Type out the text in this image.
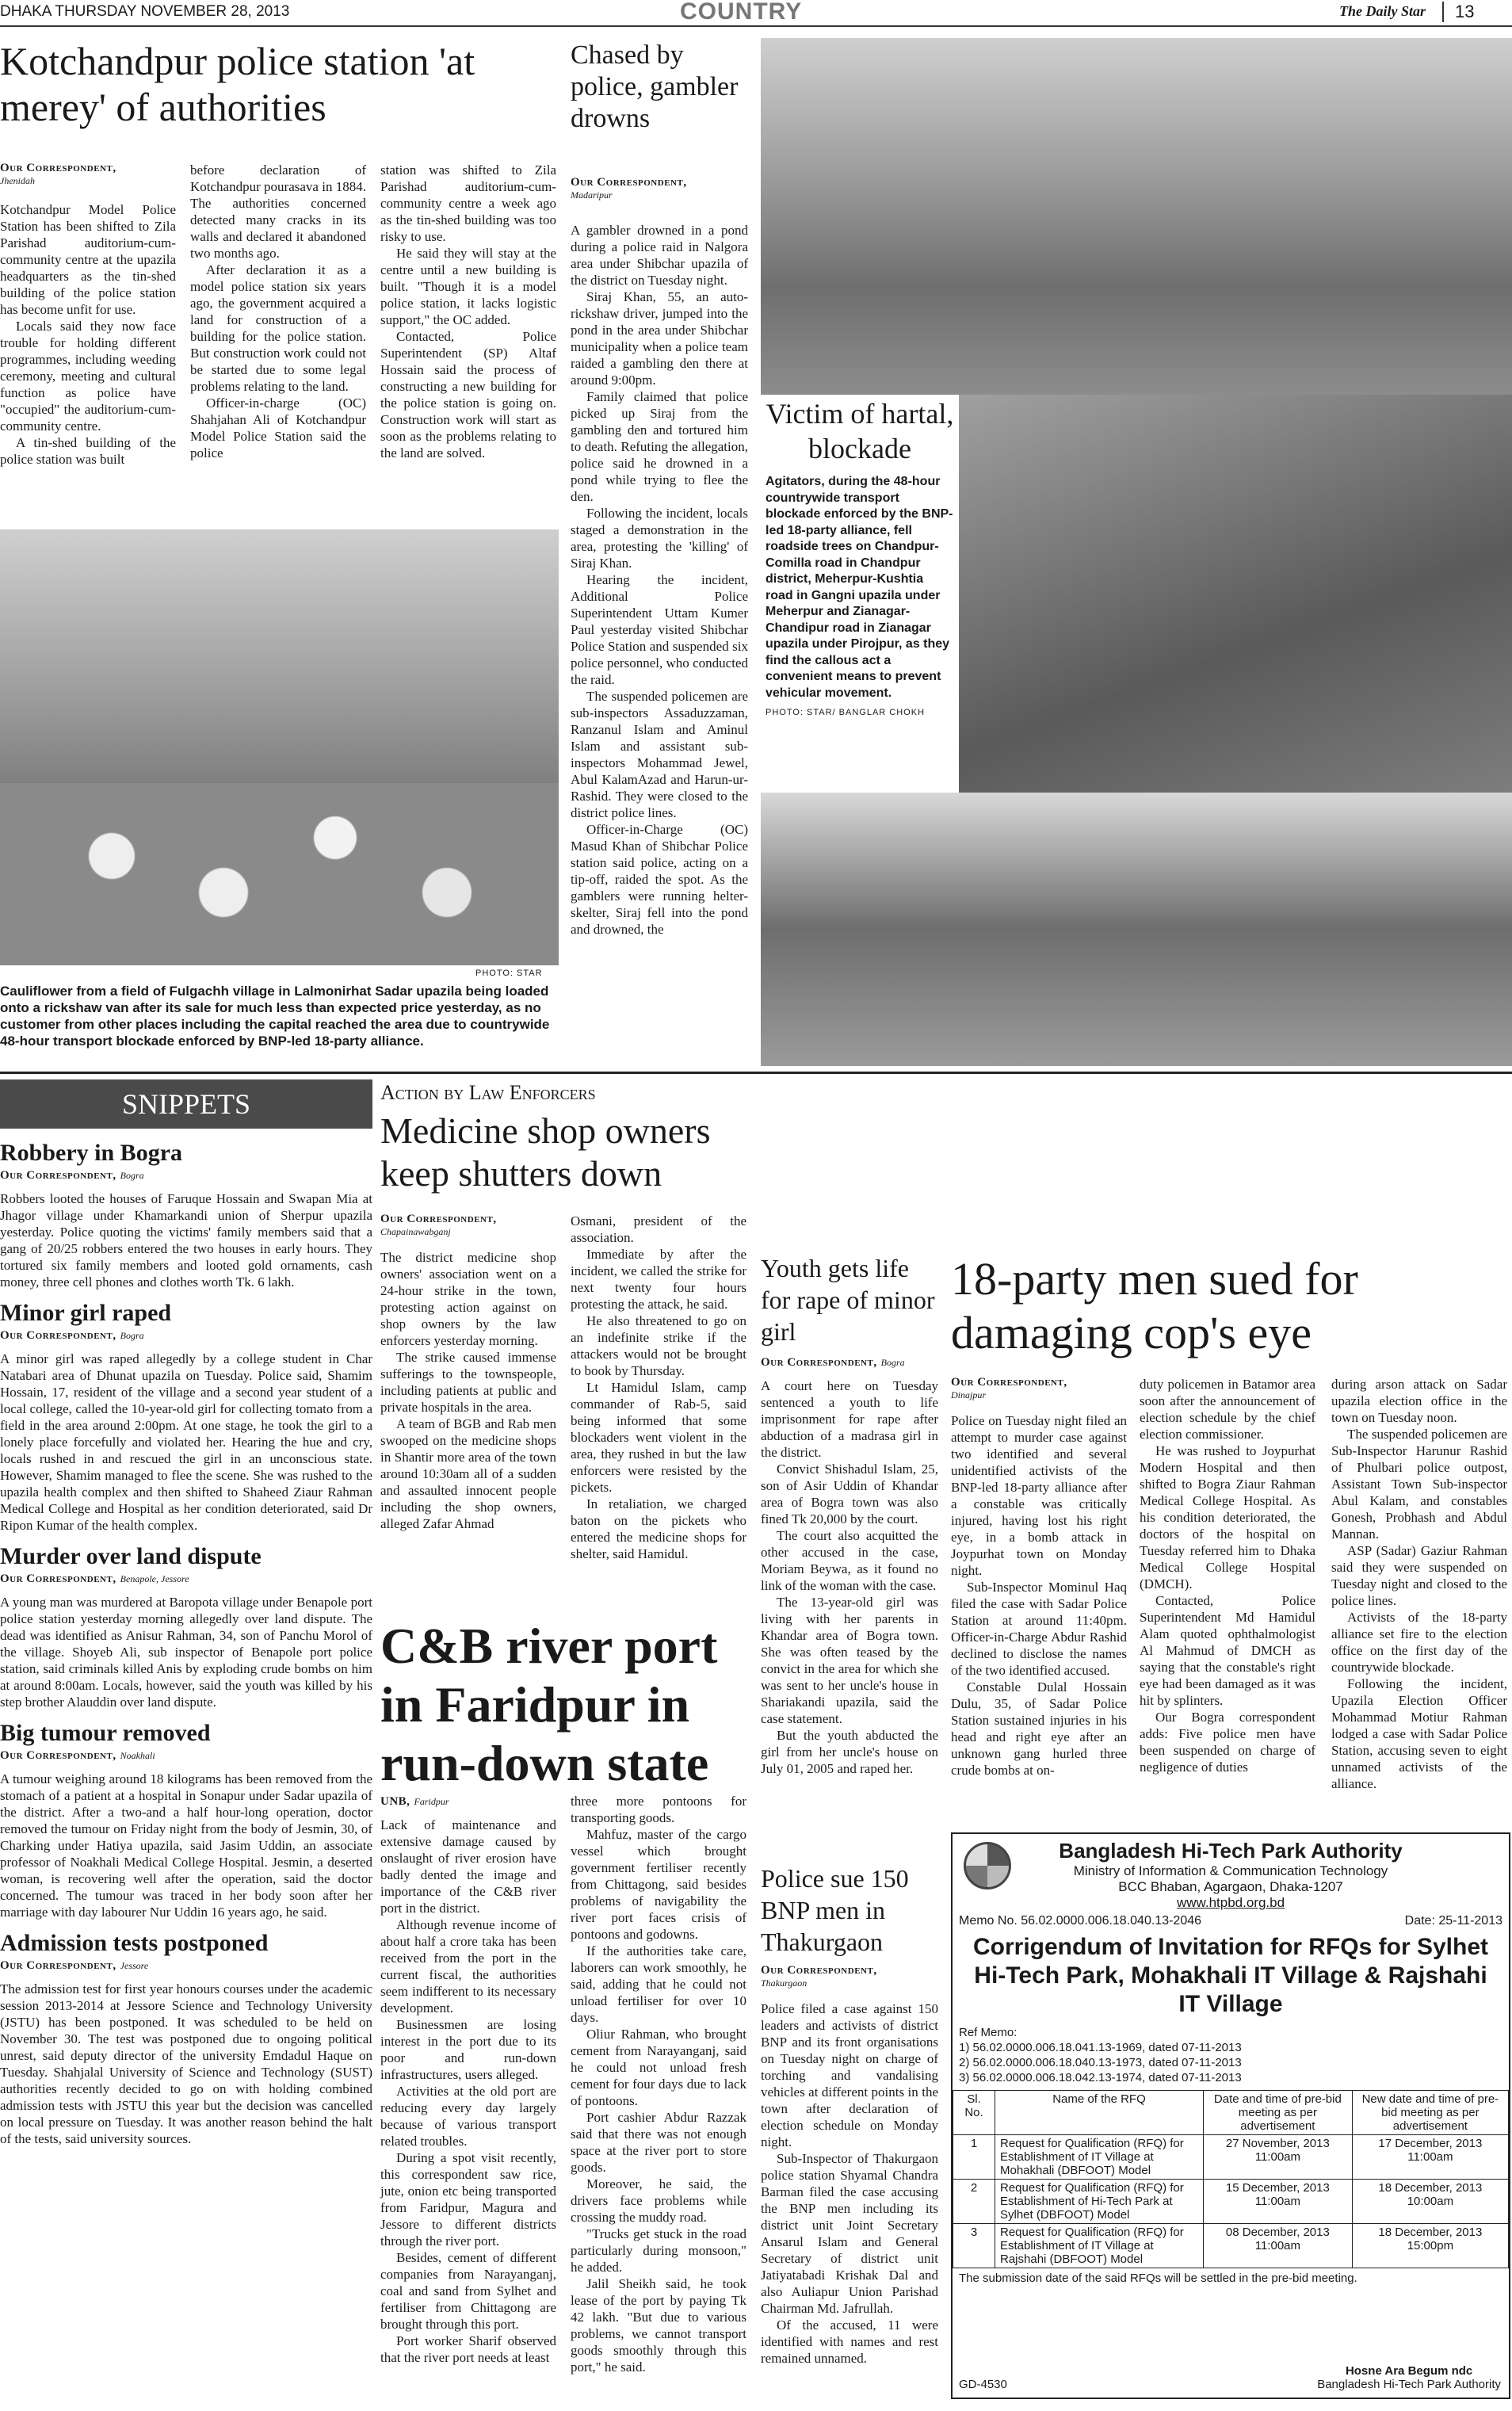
DHAKA THURSDAY NOVEMBER 28, 2013	COUNTRY	The Daily Star	13
Kotchandpur police station 'at merey' of authorities
Our Correspondent,
Jhenidah

Kotchandpur Model Police Station has been shifted to Zila Parishad auditorium-cum-community centre at the upazila headquarters as the tin-shed building of the police station has become unfit for use.

Locals said they now face trouble for holding different programmes, including weeding ceremony, meeting and cultural function as police have "occupied" the auditorium-cum-community centre.

A tin-shed building of the police station was built

before declaration of Kotchandpur pourasava in 1884. The authorities concerned detected many cracks in its walls and declared it abandoned two months ago.

After declaration it as a model police station six years ago, the government acquired a land for construction of a building for the police station. But construction work could not be started due to some legal problems relating to the land.

Officer-in-charge (OC) Shahjahan Ali of Kotchandpur Model Police Station said the police

station was shifted to Zila Parishad auditorium-cum-community centre a week ago as the tin-shed building was too risky to use.

He said they will stay at the centre until a new building is built. "Though it is a model police station, it lacks logistic support," the OC added.

Contacted, Police Superintendent (SP) Altaf Hossain said the process of constructing a new building for the police station is going on. Construction work will start as soon as the problems relating to the land are solved.

PHOTO: STAR
Cauliflower from a field of Fulgachh village in Lalmonirhat Sadar upazila being loaded onto a rickshaw van after its sale for much less than expected price yesterday, as no customer from other places including the capital reached the area due to countrywide 48-hour transport blockade enforced by BNP-led 18-party alliance.
Chased by police, gambler drowns
Our Correspondent,
Madaripur

A gambler drowned in a pond during a police raid in Nalgora area under Shibchar upazila of the district on Tuesday night.

Siraj Khan, 55, an auto-rickshaw driver, jumped into the pond in the area under Shibchar municipality when a police team raided a gambling den there at around 9:00pm.

Family claimed that police picked up Siraj from the gambling den and tortured him to death. Refuting the allegation, police said he drowned in a pond while trying to flee the den.

Following the incident, locals staged a demonstration in the area, protesting the 'killing' of Siraj Khan.

Hearing the incident, Additional Police Superintendent Uttam Kumer Paul yesterday visited Shibchar Police Station and suspended six police personnel, who conducted the raid.

The suspended policemen are sub-inspectors Assaduzzaman, Ranzanul Islam and Aminul Islam and assistant sub-inspectors Mohammad Jewel, Abul KalamAzad and Harun-ur-Rashid. They were closed to the district police lines.

Officer-in-Charge (OC) Masud Khan of Shibchar Police station said police, acting on a tip-off, raided the spot. As the gamblers were running helter-skelter, Siraj fell into the pond and drowned, the

Victim of hartal, blockade
Agitators, during the 48-hour countrywide transport blockade enforced by the BNP-led 18-party alliance, fell roadside trees on Chandpur-Comilla road in Chandpur district, Meherpur-Kushtia road in Gangni upazila under Meherpur and Zianagar-Chandipur road in Zianagar upazila under Pirojpur, as they find the callous act a convenient means to prevent vehicular movement.
PHOTO: STAR/ BANGLAR CHOKH
SNIPPETS
Robbery in Bogra
Our Correspondent, Bogra
Robbers looted the houses of Faruque Hossain and Swapan Mia at Jhagor village under Khamarkandi union of Sherpur upazila yesterday. Police quoting the victims' family members said that a gang of 20/25 robbers entered the two houses in early hours. They tortured six family members and looted gold ornaments, cash money, three cell phones and clothes worth Tk. 6 lakh.
Minor girl raped
Our Correspondent, Bogra
A minor girl was raped allegedly by a college student in Char Natabari area of Dhunat upazila on Tuesday. Police said, Shamim Hossain, 17, resident of the village and a second year student of a local college, called the 10-year-old girl for collecting tomato from a field in the area around 2:00pm. At one stage, he took the girl to a lonely place forcefully and violated her. Hearing the hue and cry, locals rushed in and rescued the girl in an unconscious state. However, Shamim managed to flee the scene. She was rushed to the upazila health complex and then shifted to Shaheed Ziaur Rahman Medical College and Hospital as her condition deteriorated, said Dr Ripon Kumar of the health complex.
Murder over land dispute
Our Correspondent, Benapole, Jessore
A young man was murdered at Baropota village under Benapole port police station yesterday morning allegedly over land dispute. The dead was identified as Anisur Rahman, 34, son of Panchu Morol of the village. Shoyeb Ali, sub inspector of Benapole port police station, said criminals killed Anis by exploding crude bombs on him at around 8:00am. Locals, however, said the youth was killed by his step brother Alauddin over land dispute.
Big tumour removed
Our Correspondent, Noakhali
A tumour weighing around 18 kilograms has been removed from the stomach of a patient at a hospital in Sonapur under Sadar upazila of the district. After a two-and a half hour-long operation, doctor removed the tumour on Friday night from the body of Jesmin, 30, of Charking under Hatiya upazila, said Jasim Uddin, an associate professor of Noakhali Medical College Hospital. Jesmin, a deserted woman, is recovering well after the operation, said the doctor concerned. The tumour was traced in her body soon after her marriage with day labourer Nur Uddin 16 years ago, he said.
Admission tests postponed
Our Correspondent, Jessore
The admission test for first year honours courses under the academic session 2013-2014 at Jessore Science and Technology University (JSTU) has been postponed. It was scheduled to be held on November 30. The test was postponed due to ongoing political unrest, said deputy director of the university Emdadul Haque on Tuesday. Shahjalal University of Science and Technology (SUST) authorities recently decided to go on with holding combined admission tests with JSTU this year but the decision was cancelled on local pressure on Tuesday. It was another reason behind the halt of the tests, said university sources.
Action by Law Enforcers
Medicine shop owners keep shutters down
Our Correspondent,
Chapainawabganj

The district medicine shop owners' association went on a 24-hour strike in the town, protesting action against on shop owners by the law enforcers yesterday morning.

The strike caused immense sufferings to the townspeople, including patients at public and private hospitals in the area.

A team of BGB and Rab men swooped on the medicine shops in Shantir more area of the town around 10:30am all of a sudden and assaulted innocent people including the shop owners, alleged Zafar Ahmad

Osmani, president of the association.

Immediate by after the incident, we called the strike for next twenty four hours protesting the attack, he said.

He also threatened to go on an indefinite strike if the attackers would not be brought to book by Thursday.

Lt Hamidul Islam, camp commander of Rab-5, said being informed that some blockaders went violent in the area, they rushed in but the law enforcers were resisted by the pickets.

In retaliation, we charged baton on the pickets who entered the medicine shops for shelter, said Hamidul.

C&B river port in Faridpur in run-down state
UNB, Faridpur

Lack of maintenance and extensive damage caused by onslaught of river erosion have badly dented the image and importance of the C&B river port in the district.

Although revenue income of about half a crore taka has been received from the port in the current fiscal, the authorities seem indifferent to its necessary development.

Businessmen are losing interest in the port due to its poor and run-down infrastructures, users alleged.

Activities at the old port are reducing every day largely because of various transport related troubles.

During a spot visit recently, this correspondent saw rice, jute, onion etc being transported from Faridpur, Magura and Jessore to different districts through the river port.

Besides, cement of different companies from Narayanganj, coal and sand from Sylhet and fertiliser from Chittagong are brought through this port.

Port worker Sharif observed that the river port needs at least

three more pontoons for transporting goods.

Mahfuz, master of the cargo vessel which brought government fertiliser recently from Chittagong, said besides problems of navigability the river port faces crisis of pontoons and godowns.

If the authorities take care, laborers can work smoothly, he said, adding that he could not unload fertiliser for over 10 days.

Oliur Rahman, who brought cement from Narayanganj, said he could not unload fresh cement for four days due to lack of pontoons.

Port cashier Abdur Razzak said that there was not enough space at the river port to store goods.

Moreover, he said, the drivers face problems while crossing the muddy road.

"Trucks get stuck in the road particularly during monsoon," he added.

Jalil Sheikh said, he took lease of the port by paying Tk 42 lakh. "But due to various problems, we cannot transport goods smoothly through this port," he said.

Youth gets life for rape of minor girl
Our Correspondent, Bogra

A court here on Tuesday sentenced a youth to life imprisonment for rape after abduction of a madrasa girl in the district.

Convict Shishadul Islam, 25, son of Asir Uddin of Khandar area of Bogra town was also fined Tk 20,000 by the court.

The court also acquitted the other accused in the case, Moriam Beywa, as it found no link of the woman with the case.

The 13-year-old girl was living with her parents in Khandar area of Bogra town. She was often teased by the convict in the area for which she was sent to her uncle's house in Shariakandi upazila, said the case statement.

But the youth abducted the girl from her uncle's house on July 01, 2005 and raped her.

Police sue 150 BNP men in Thakurgaon
Our Correspondent,
Thakurgaon

Police filed a case against 150 leaders and activists of district BNP and its front organisations on Tuesday night on charge of torching and vandalising vehicles at different points in the town after declaration of election schedule on Monday night.

Sub-Inspector of Thakurgaon police station Shyamal Chandra Barman filed the case accusing the BNP men including its district unit Joint Secretary Ansarul Islam and General Secretary of district unit Jatiyatabadi Krishak Dal and also Auliapur Union Parishad Chairman Md. Jafrullah.

Of the accused, 11 were identified with names and rest remained unnamed.

18-party men sued for damaging cop's eye
Our Correspondent,
Dinajpur

Police on Tuesday night filed an attempt to murder case against two identified and several unidentified activists of the BNP-led 18-party alliance after a constable was critically injured, having lost his right eye, in a bomb attack in Joypurhat town on Monday night.

Sub-Inspector Mominul Haq filed the case with Sadar Police Station at around 11:40pm. Officer-in-Charge Abdur Rashid declined to disclose the names of the two identified accused.

Constable Dulal Hossain Dulu, 35, of Sadar Police Station sustained injuries in his head and right eye after an unknown gang hurled three crude bombs at on-

duty policemen in Batamor area soon after the announcement of election schedule by the chief election commissioner.

He was rushed to Joypurhat Modern Hospital and then shifted to Bogra Ziaur Rahman Medical College Hospital. As his condition deteriorated, the doctors of the hospital on Tuesday referred him to Dhaka Medical College Hospital (DMCH).

Contacted, Police Superintendent Md Hamidul Alam quoted ophthalmologist Al Mahmud of DMCH as saying that the constable's right eye had been damaged as it was hit by splinters.

Our Bogra correspondent adds: Five police men have been suspended on charge of negligence of duties

during arson attack on Sadar upazila election office in the town on Tuesday noon.

The suspended policemen are Sub-Inspector Harunur Rashid of Phulbari police outpost, Assistant Town Sub-inspector Abul Kalam, and constables Gonesh, Probhash and Abdul Mannan.

ASP (Sadar) Gaziur Rahman said they were suspended on Tuesday night and closed to the police lines.

Activists of the 18-party alliance set fire to the election office on the first day of the countrywide blockade.

Following the incident, Upazila Election Officer Mohammad Motiur Rahman lodged a case with Sadar Police Station, accusing seven to eight unnamed activists of the alliance.

Bangladesh Hi-Tech Park Authority
Ministry of Information & Communication Technology
BCC Bhaban, Agargaon, Dhaka-1207
www.htpbd.org.bd
Memo No. 56.02.0000.006.18.040.13-2046	Date: 25-11-2013
Corrigendum of Invitation for RFQs for Sylhet Hi-Tech Park, Mohakhali IT Village & Rajshahi IT Village
Ref Memo:
1) 56.02.0000.006.18.041.13-1969, dated 07-11-2013
2) 56.02.0000.006.18.040.13-1973, dated 07-11-2013
3) 56.02.0000.006.18.042.13-1974, dated 07-11-2013
Sl. No.	Name of the RFQ	Date and time of pre-bid meeting as per advertisement	New date and time of pre-bid meeting as per advertisement
1	Request for Qualification (RFQ) for Establishment of IT Village at Mohakhali (DBFOOT) Model	27 November, 2013 11:00am	17 December, 2013 11:00am
2	Request for Qualification (RFQ) for Establishment of Hi-Tech Park at Sylhet (DBFOOT) Model	15 December, 2013 11:00am	18 December, 2013 10:00am
3	Request for Qualification (RFQ) for Establishment of IT Village at Rajshahi (DBFOOT) Model	08 December, 2013 11:00am	18 December, 2013 15:00pm
The submission date of the said RFQs will be settled in the pre-bid meeting.
Hosne Ara Begum ndc
Bangladesh Hi-Tech Park Authority
GD-4530
